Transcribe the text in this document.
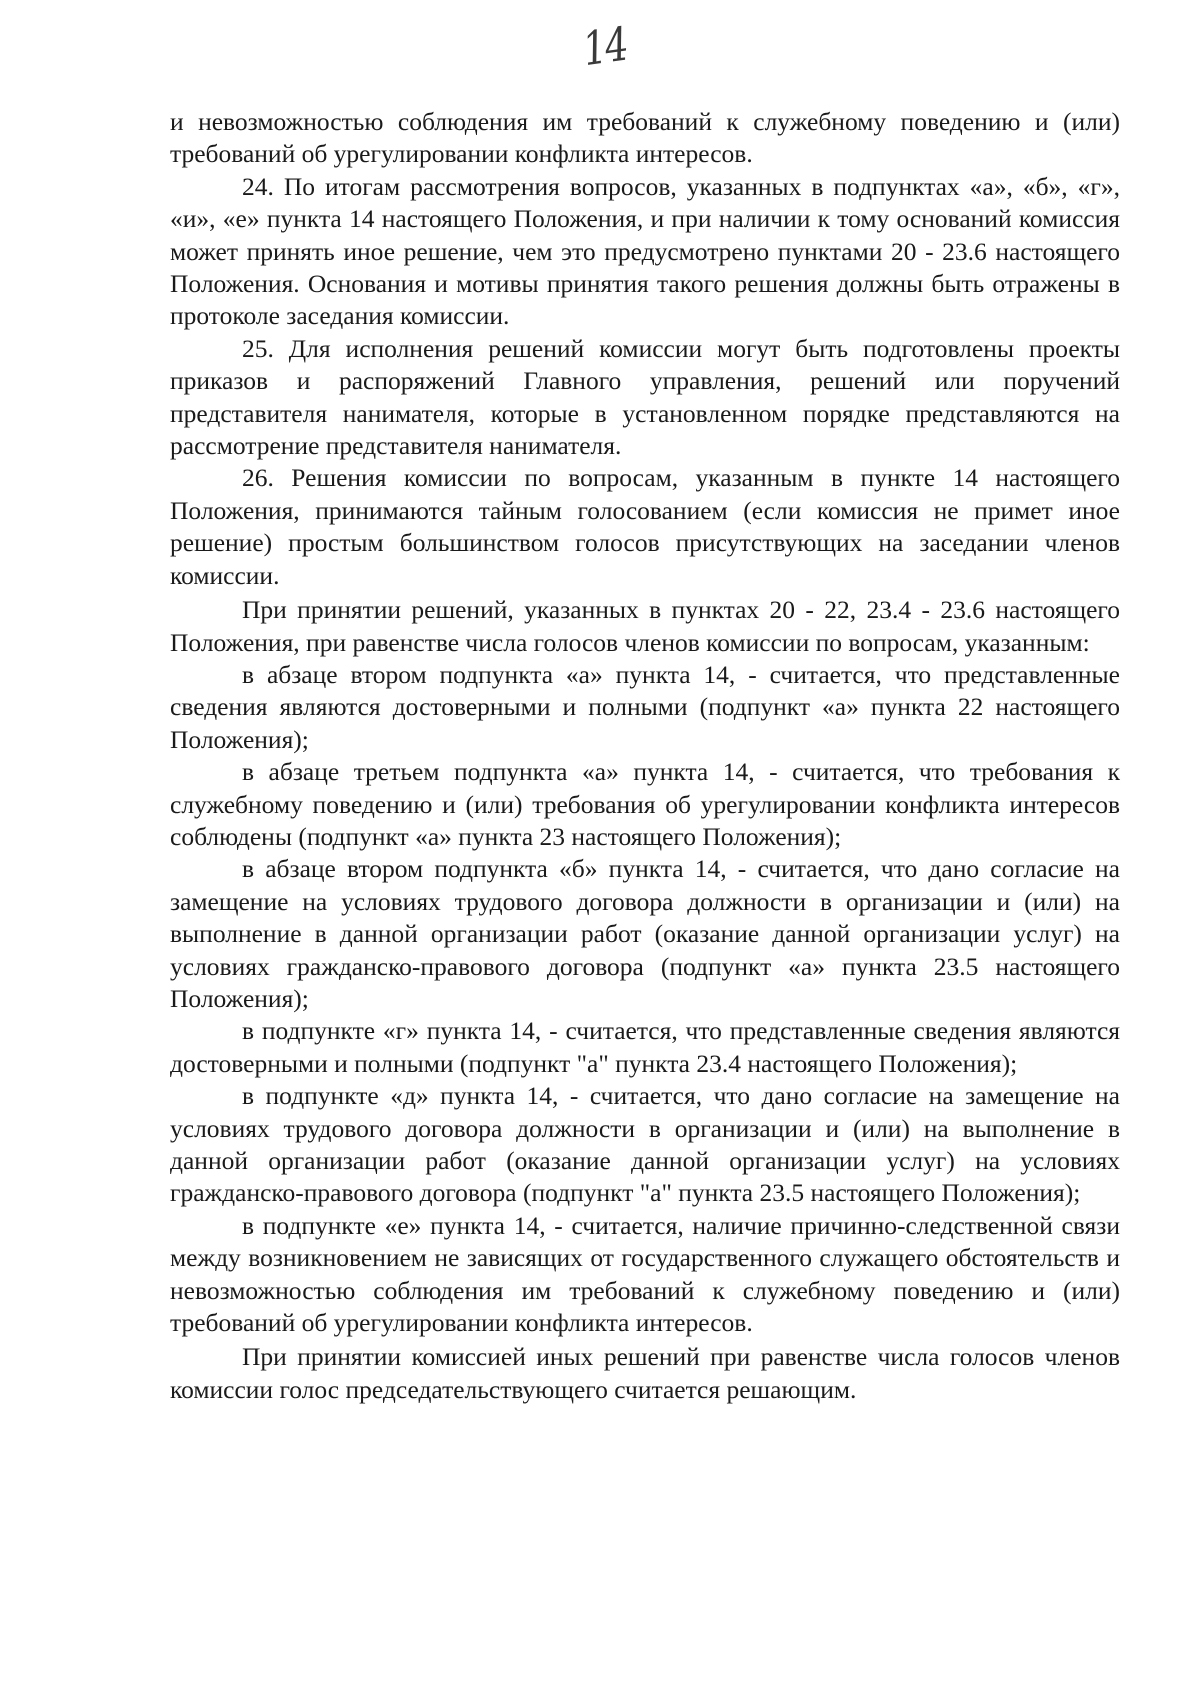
14

и невозможностью соблюдения им требований к служебному поведению и (или) требований об урегулировании конфликта интересов.

24. По итогам рассмотрения вопросов, указанных в подпунктах «а», «б», «г», «и», «е» пункта 14 настоящего Положения, и при наличии к тому оснований комиссия может принять иное решение, чем это предусмотрено пунктами 20 - 23.6 настоящего Положения. Основания и мотивы принятия такого решения должны быть отражены в протоколе заседания комиссии.

25. Для исполнения решений комиссии могут быть подготовлены проекты приказов и распоряжений Главного управления, решений или поручений представителя нанимателя, которые в установленном порядке представляются на рассмотрение представителя нанимателя.

26. Решения комиссии по вопросам, указанным в пункте 14 настоящего Положения, принимаются тайным голосованием (если комиссия не примет иное решение) простым большинством голосов присутствующих на заседании членов комиссии.

При принятии решений, указанных в пунктах 20 - 22, 23.4 - 23.6 настоящего Положения, при равенстве числа голосов членов комиссии по вопросам, указанным:

в абзаце втором подпункта «а» пункта 14, - считается, что представленные сведения являются достоверными и полными (подпункт «а» пункта 22 настоящего Положения);

в абзаце третьем подпункта «а» пункта 14, - считается, что требования к служебному поведению и (или) требования об урегулировании конфликта интересов соблюдены (подпункт «а» пункта 23 настоящего Положения);

в абзаце втором подпункта «б» пункта 14, - считается, что дано согласие на замещение на условиях трудового договора должности в организации и (или) на выполнение в данной организации работ (оказание данной организации услуг) на условиях гражданско-правового договора (подпункт «а» пункта 23.5 настоящего Положения);

в подпункте «г» пункта 14, - считается, что представленные сведения являются достоверными и полными (подпункт "а" пункта 23.4 настоящего Положения);

в подпункте «д» пункта 14, - считается, что дано согласие на замещение на условиях трудового договора должности в организации и (или) на выполнение в данной организации работ (оказание данной организации услуг) на условиях гражданско-правового договора (подпункт "а" пункта 23.5 настоящего Положения);

в подпункте «е» пункта 14, - считается, наличие причинно-следственной связи между возникновением не зависящих от государственного служащего обстоятельств и невозможностью соблюдения им требований к служебному поведению и (или) требований об урегулировании конфликта интересов.

При принятии комиссией иных решений при равенстве числа голосов членов комиссии голос председательствующего считается решающим.
